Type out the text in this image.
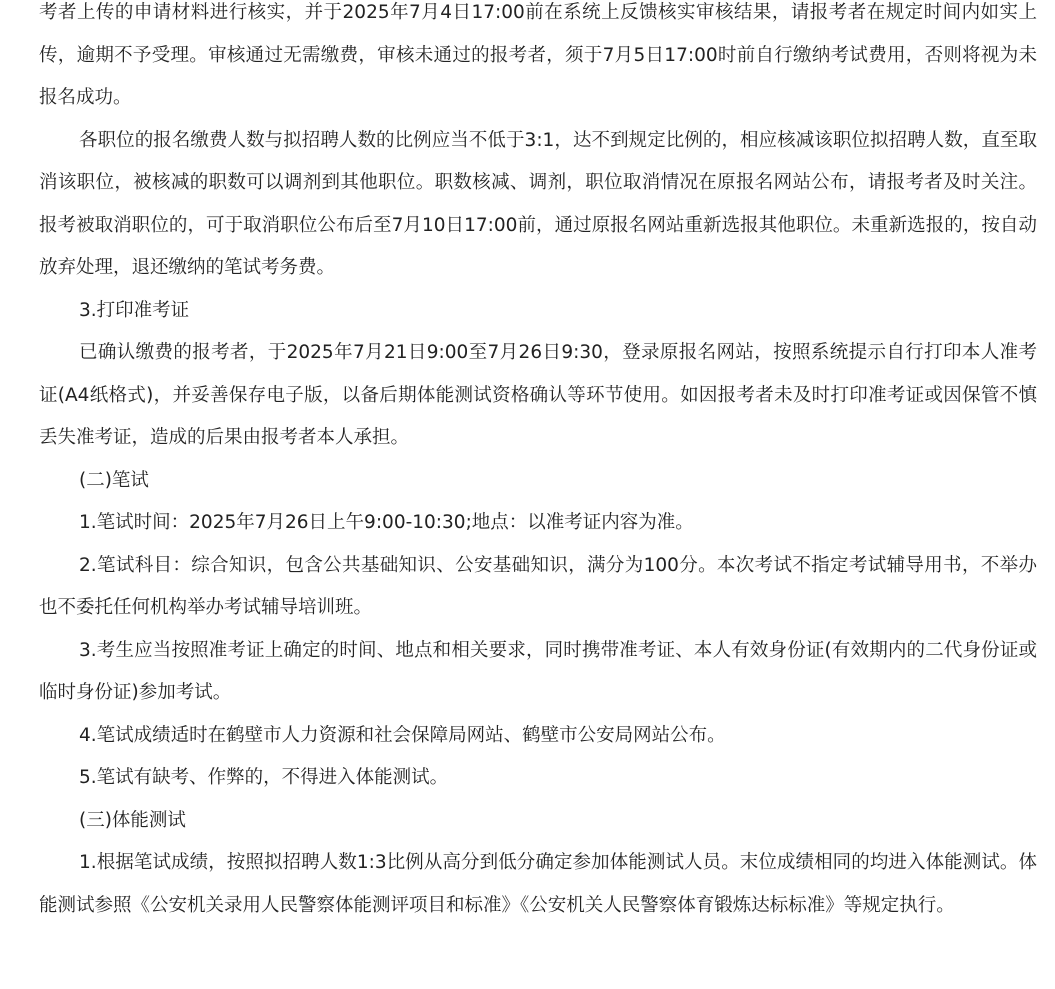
考者上传的申请材料进行核实，并于2025年7月4日17:00前在系统上反馈核实审核结果，请报考者在规定时间内如实上传，逾期不予受理。审核通过无需缴费，审核未通过的报考者，须于7月5日17:00时前自行缴纳考试费用，否则将视为未报名成功。

各职位的报名缴费人数与拟招聘人数的比例应当不低于3:1，达不到规定比例的，相应核减该职位拟招聘人数，直至取消该职位，被核减的职数可以调剂到其他职位。职数核减、调剂，职位取消情况在原报名网站公布，请报考者及时关注。报考被取消职位的，可于取消职位公布后至7月10日17:00前，通过原报名网站重新选报其他职位。未重新选报的，按自动放弃处理，退还缴纳的笔试考务费。

3.打印准考证

已确认缴费的报考者，于2025年7月21日9:00至7月26日9:30，登录原报名网站，按照系统提示自行打印本人准考证(A4纸格式)，并妥善保存电子版，以备后期体能测试资格确认等环节使用。如因报考者未及时打印准考证或因保管不慎丢失准考证，造成的后果由报考者本人承担。

(二)笔试

1.笔试时间：2025年7月26日上午9:00-10:30;地点：以准考证内容为准。

2.笔试科目：综合知识，包含公共基础知识、公安基础知识，满分为100分。本次考试不指定考试辅导用书，不举办也不委托任何机构举办考试辅导培训班。

3.考生应当按照准考证上确定的时间、地点和相关要求，同时携带准考证、本人有效身份证(有效期内的二代身份证或临时身份证)参加考试。

4.笔试成绩适时在鹤壁市人力资源和社会保障局网站、鹤壁市公安局网站公布。

5.笔试有缺考、作弊的，不得进入体能测试。

(三)体能测试

1.根据笔试成绩，按照拟招聘人数1:3比例从高分到低分确定参加体能测试人员。末位成绩相同的均进入体能测试。体能测试参照《公安机关录用人民警察体能测评项目和标准》《公安机关人民警察体育锻炼达标标准》等规定执行。
